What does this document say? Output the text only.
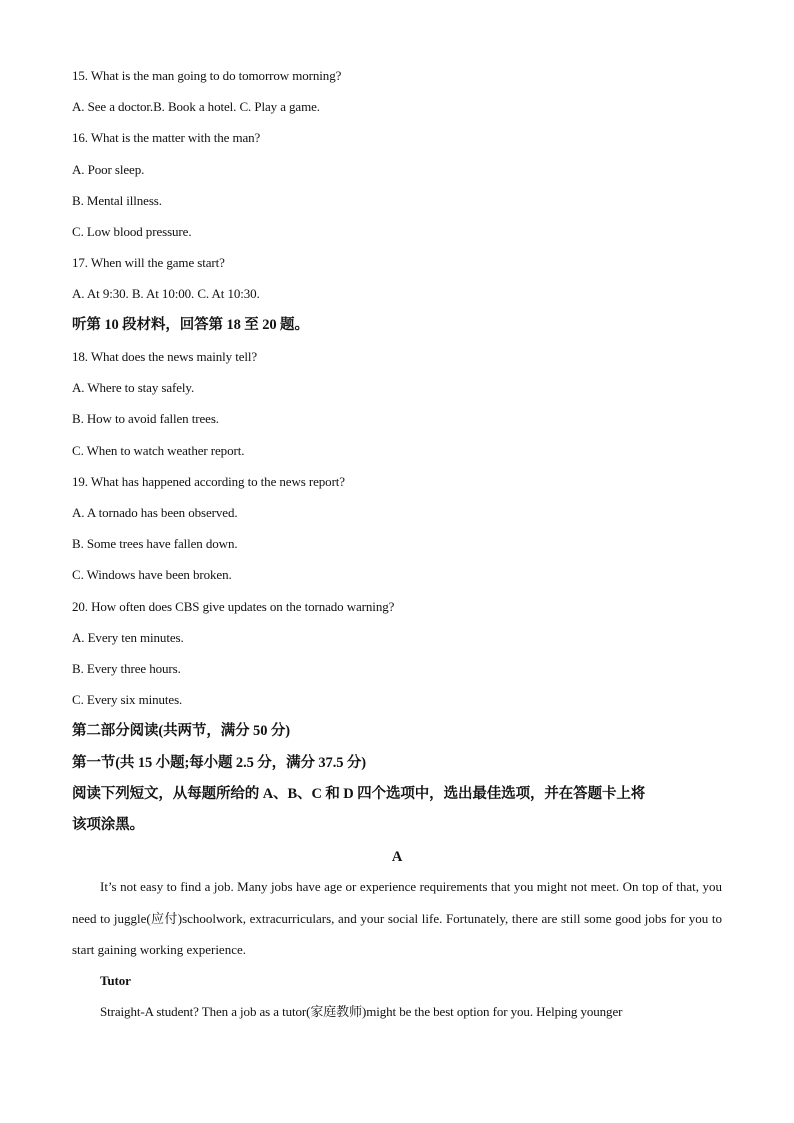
15. What is the man going to do tomorrow morning?
A. See a doctor.B. Book a hotel. C. Play a game.
16. What is the matter with the man?
A. Poor sleep.
B. Mental illness.
C. Low blood pressure.
17. When will the game start?
A. At 9:30. B. At 10:00. C. At 10:30.
听第 10 段材料，回答第 18 至 20 题。
18. What does the news mainly tell?
A. Where to stay safely.
B. How to avoid fallen trees.
C. When to watch weather report.
19. What has happened according to the news report?
A. A tornado has been observed.
B. Some trees have fallen down.
C. Windows have been broken.
20. How often does CBS give updates on the tornado warning?
A. Every ten minutes.
B. Every three hours.
C. Every six minutes.
第二部分阅读(共两节，满分 50 分)
第一节(共 15 小题;每小题 2.5 分，满分 37.5 分)
阅读下列短文，从每题所给的 A、B、C 和 D 四个选项中，选出最佳选项，并在答题卡上将
该项涂黑。
A
It’s not easy to find a job. Many jobs have age or experience requirements that you might not meet. On top of that, you need to juggle(应付)schoolwork, extracurriculars, and your social life. Fortunately, there are still some good jobs for you to start gaining working experience.
Tutor
Straight-A student? Then a job as a tutor(家庭教师)might be the best option for you. Helping younger
